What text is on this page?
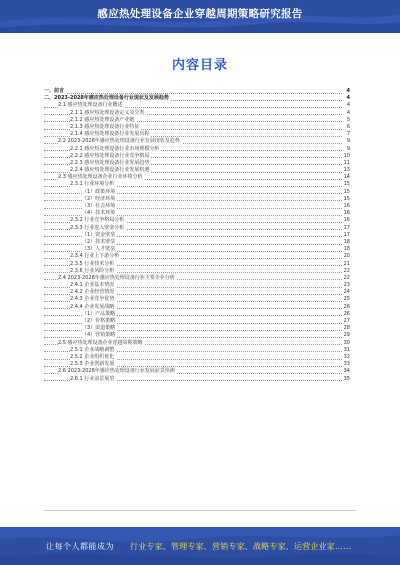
感应热处理设备企业穿越周期策略研究报告
内容目录
一、前言	4
二、2023-2028年感应热处理设备行业现状及发展趋势	4
2.1 感应热处理设备行业概述	4
2.1.1 感应热处理设备定义及分类	4
2.1.2 感应热处理设备产业链	5
2.1.3 感应热处理设备行业特征	6
2.1.4 感应热处理设备行业发展历程	7
2.2 2023-2028年感应热处理设备行业发展现状及趋势	9
2.2.1 感应热处理设备行业市场规模分析	9
2.2.2 感应热处理设备行业竞争格局	10
2.2.3 感应热处理设备行业发展趋势	11
2.2.4 感应热处理设备行业发展机遇	13
2.3 感应热处理设备企业行业环境分析	14
2.3.1 行业环境分析	15
（1）政策环境	15
（2）经济环境	15
（3）社会环境	16
（4）技术环境	16
2.3.2 行业竞争格局分析	16
2.3.3 行业进入壁垒分析	17
（1）资金壁垒	17
（2）技术壁垒	18
（3）人才壁垒	18
2.3.4 行业上下游分析	20
2.3.5 行业技术分析	21
2.3.6 行业风险分析	22
2.4 2023-2028年感应热处理设备行业主要企业分析	22
2.4.1 企业基本情况	23
2.4.2 企业经营情况	24
2.4.3 企业竞争优势	25
2.4.4 企业发展战略	26
（1）产品策略	26
（2）价格策略	27
（3）渠道策略	28
（4）营销策略	29
2.5 感应热处理设备企业穿越周期策略	30
2.5.1 企业战略调整	31
2.5.2 企业组织优化	32
2.5.3 企业创新发展	33
2.6 2023-2028年感应热处理设备行业发展前景预测	34
2.6.1 行业前景展望	35
让每个人都能成为 行业专家、管理专家、营销专家、战略专家、运营企业家……
